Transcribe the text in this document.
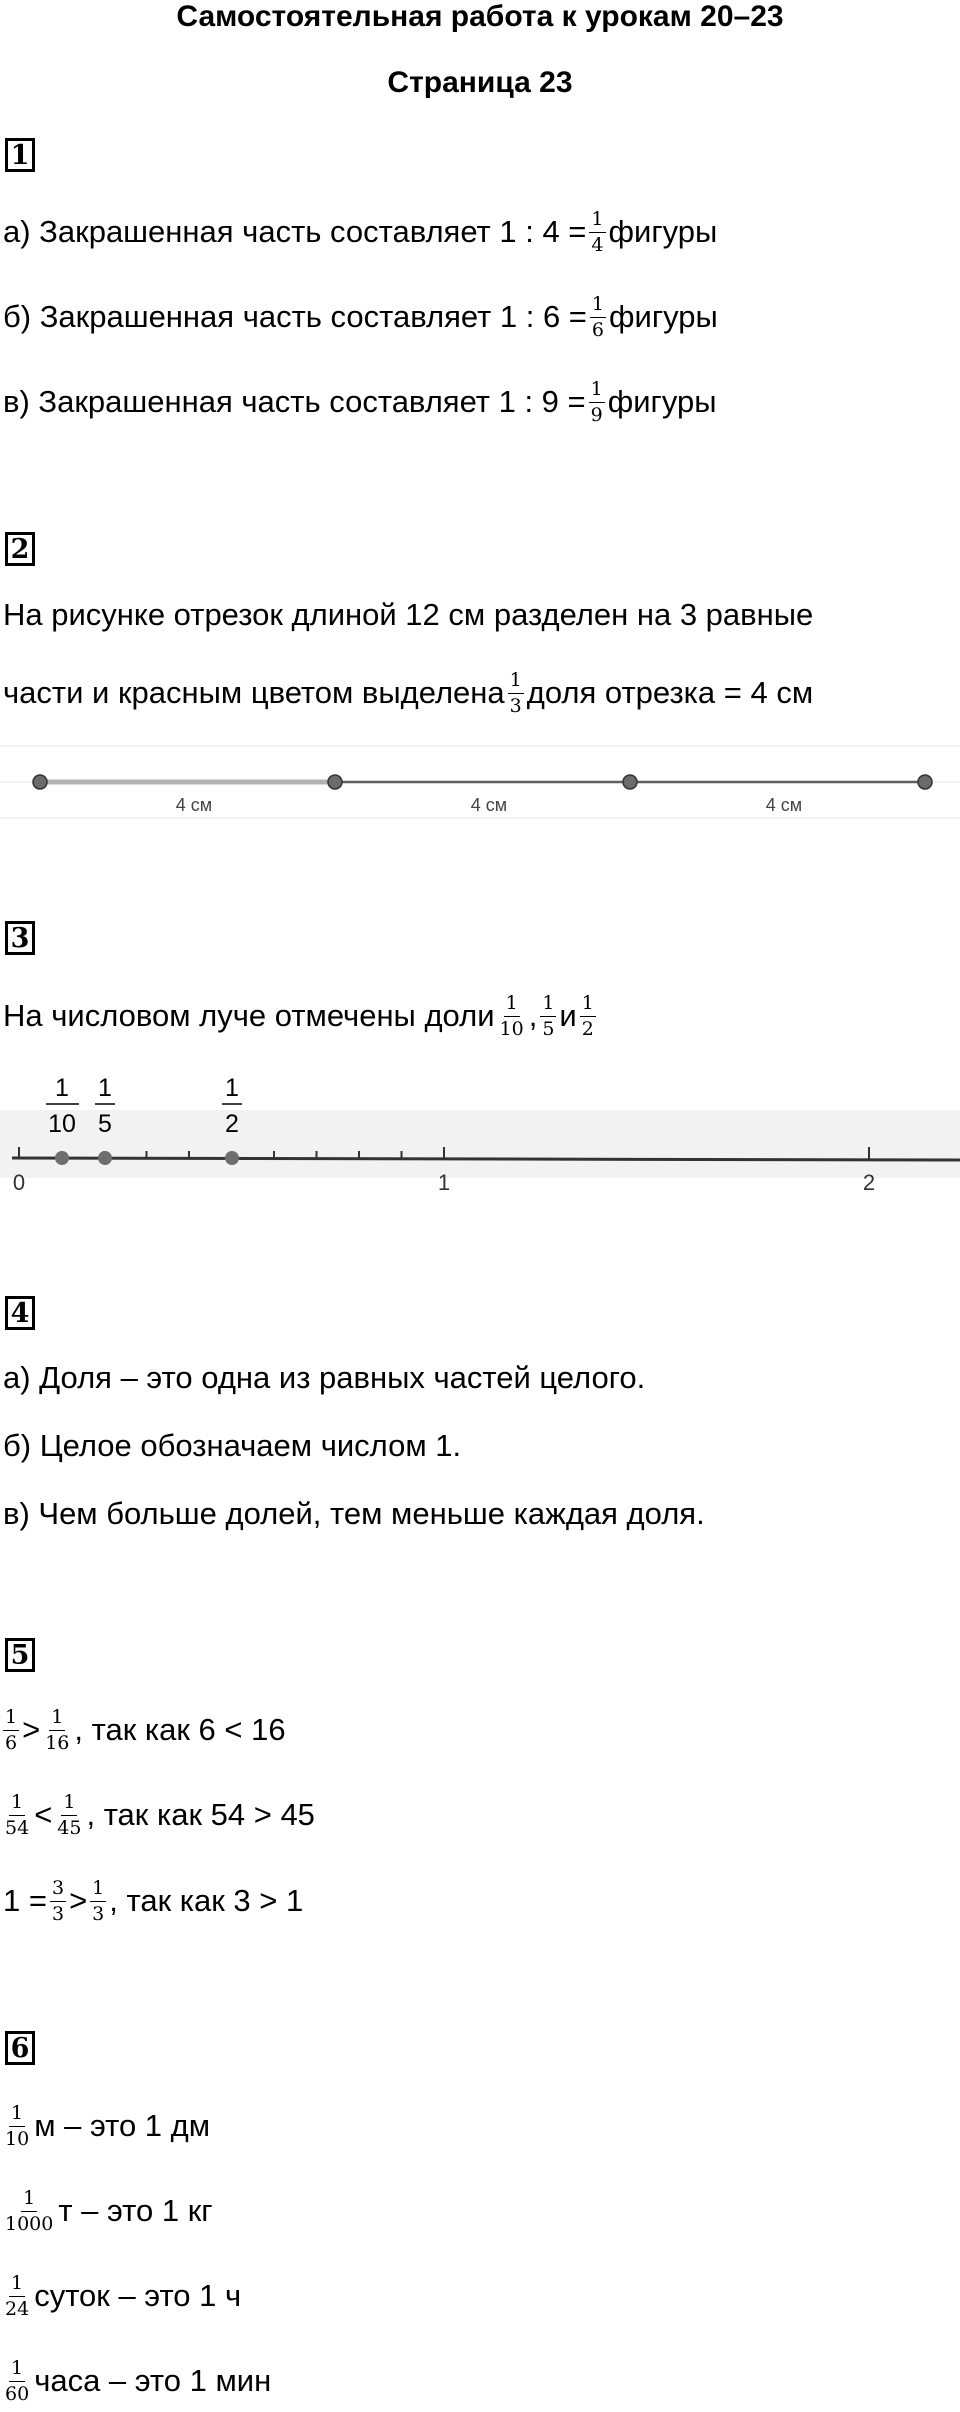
Самостоятельная работа к урокам 20–23
Страница 23
1
а) Закрашенная часть составляет 1 : $4 = \frac{1}{4}$ фигуры
б) Закрашенная часть составляет 1 : $6 = \frac{1}{6}$ фигуры
в) Закрашенная часть составляет 1 : $9 = \frac{1}{9}$ фигуры
2
На рисунке отрезок длиной 12 см разделен на 3 равные
части и красным цветом выделена $\frac{1}{3}$ доля отрезка = 4 см
4 см	4 см	4 см
3
На числовом луче отмечены доли $\frac{1}{10}$ , $\frac{1}{5}$ и $\frac{1}{2}$
0	1	2
1
10
1
5
1
2
4
а) Доля – это одна из равных частей целого.
б) Целое обозначаем числом 1.
в) Чем больше долей, тем меньше каждая доля.
5
$\frac{1}{6} > \frac{1}{16}$ , так как 6 < 16
$\frac{1}{54} < \frac{1}{45}$ , так как 54 > 45
$1 = \frac{3}{3} > \frac{1}{3}$ , так как 3 > 1
6
$\frac{1}{10}$ м – это 1 дм
$\frac{1}{1000}$ т – это 1 кг
$\frac{1}{24}$ суток – это 1 ч
$\frac{1}{60}$ часа – это 1 мин
